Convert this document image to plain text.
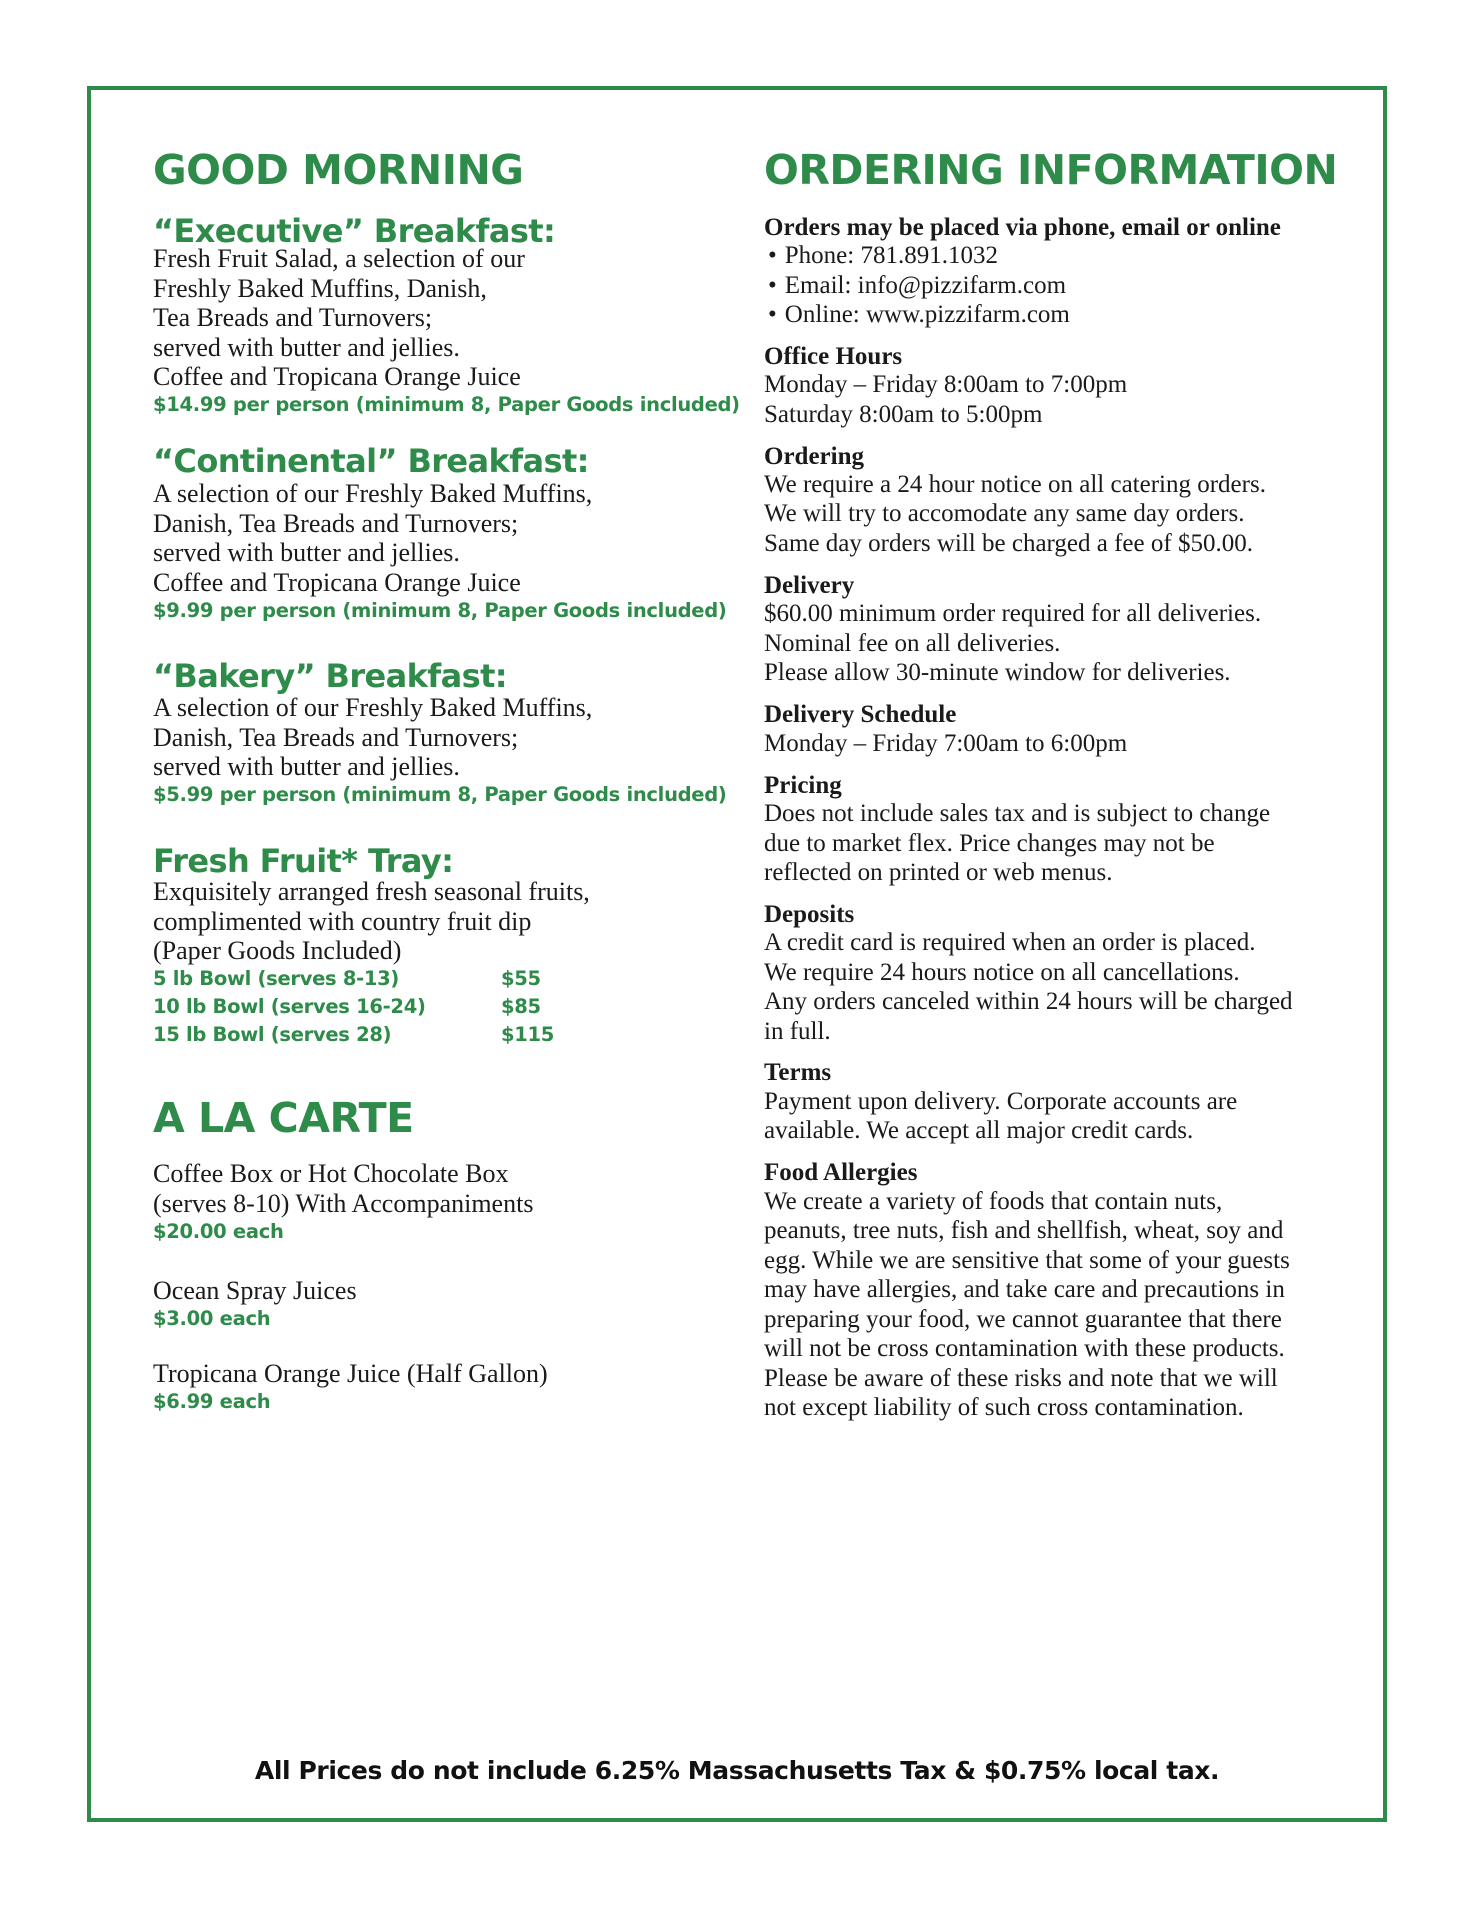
GOOD MORNING
“Executive” Breakfast:

Fresh Fruit Salad, a selection of our

Freshly Baked Muffins, Danish,

Tea Breads and Turnovers;

served with butter and jellies.

Coffee and Tropicana Orange Juice

$14.99 per person (minimum 8, Paper Goods included)

“Continental” Breakfast:

A selection of our Freshly Baked Muffins,

Danish, Tea Breads and Turnovers;

served with butter and jellies.

Coffee and Tropicana Orange Juice

$9.99 per person (minimum 8, Paper Goods included)

“Bakery” Breakfast:

A selection of our Freshly Baked Muffins,

Danish, Tea Breads and Turnovers;

served with butter and jellies.

$5.99 per person (minimum 8, Paper Goods included)

Fresh Fruit* Tray:

Exquisitely arranged fresh seasonal fruits,

complimented with country fruit dip

(Paper Goods Included)

5 lb Bowl (serves 8-13)	$55

10 lb Bowl (serves 16-24)	$85

15 lb Bowl (serves 28)	$115

A LA CARTE

Coffee Box or Hot Chocolate Box

(serves 8-10) With Accompaniments

$20.00 each

Ocean Spray Juices

$3.00 each

Tropicana Orange Juice (Half Gallon)

$6.99 each

ORDERING INFORMATION

Orders may be placed via phone, email or online

• Phone: 781.891.1032

• Email: info@pizzifarm.com

• Online: www.pizzifarm.com

Office Hours

Monday – Friday 8:00am to 7:00pm

Saturday 8:00am to 5:00pm

Ordering

We require a 24 hour notice on all catering orders.

We will try to accomodate any same day orders.

Same day orders will be charged a fee of $50.00.

Delivery

$60.00 minimum order required for all deliveries.

Nominal fee on all deliveries.

Please allow 30-minute window for deliveries.

Delivery Schedule

Monday – Friday 7:00am to 6:00pm

Pricing

Does not include sales tax and is subject to change

due to market flex. Price changes may not be

reflected on printed or web menus.

Deposits

A credit card is required when an order is placed.

We require 24 hours notice on all cancellations.

Any orders canceled within 24 hours will be charged

in full.

Terms

Payment upon delivery. Corporate accounts are

available. We accept all major credit cards.

Food Allergies

We create a variety of foods that contain nuts,

peanuts, tree nuts, fish and shellfish, wheat, soy and

egg. While we are sensitive that some of your guests

may have allergies, and take care and precautions in

preparing your food, we cannot guarantee that there

will not be cross contamination with these products.

Please be aware of these risks and note that we will

not except liability of such cross contamination.

All Prices do not include 6.25% Massachusetts Tax & $0.75% local tax.
